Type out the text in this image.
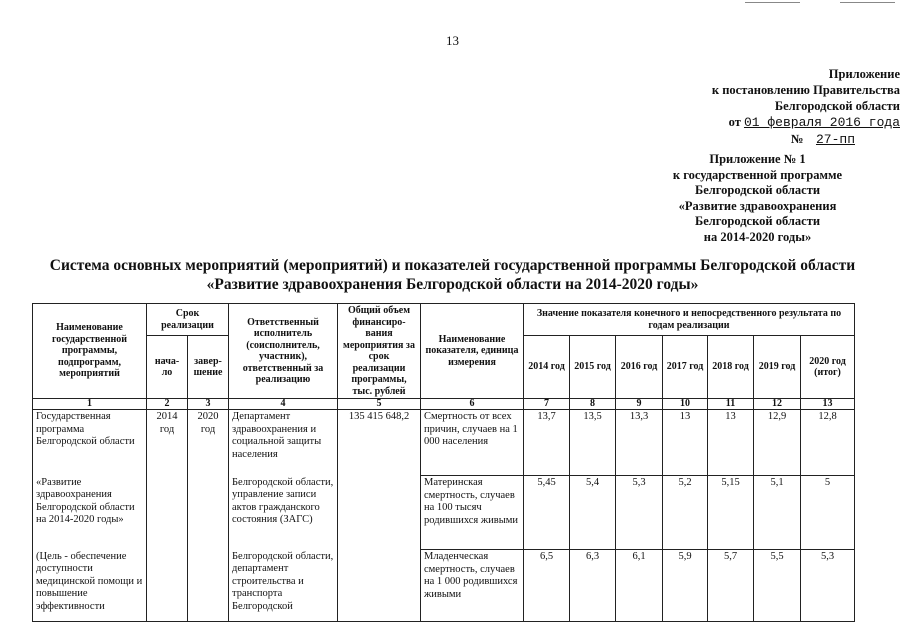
13
Приложение
к постановлению Правительства
Белгородской области
от 01 февраля 2016 года
№ 27-пп
Приложение № 1
к государственной программе
Белгородской области
«Развитие здравоохранения
Белгородской области
на 2014-2020 годы»
Система основных мероприятий (мероприятий) и показателей государственной программы Белгородской области
«Развитие здравоохранения Белгородской области на 2014-2020 годы»
Наименование государственной программы, подпрограмм, мероприятий	Срок реализации		Ответственный исполнитель (соисполнитель, участник), ответственный за реализацию	Общий объем финансиро-вания мероприятия за срок реализации программы, тыс. рублей	Наименование показателя, единица измерения	Значение показателя конечного и непосредственного результата по годам реализации						
	нача-ло	завер-шение				2014 год	2015 год	2016 год	2017 год	2018 год	2019 год	2020 год (итог)
1	2	3	4	5	6	7	8	9	10	11	12	13
Государственная программа Белгородской области	2014 год	2020 год	Департамент здравоохранения и социальной защиты населения	135 415 648,2	Смертность от всех причин, случаев на 1 000 населения	13,7	13,5	13,3	13	13	12,9	12,8
«Развитие здравоохранения Белгородской области на 2014-2020 годы»			Белгородской области, управление записи актов гражданского состояния (ЗАГС)		Материнская смертность, случаев на 100 тысяч родившихся живыми	5,45	5,4	5,3	5,2	5,15	5,1	5
(Цель - обеспечение доступности медицинской помощи и повышение эффективности			Белгородской области, департамент строительства и транспорта Белгородской		Младенческая смертность, случаев на 1 000 родившихся живыми	6,5	6,3	6,1	5,9	5,7	5,5	5,3
